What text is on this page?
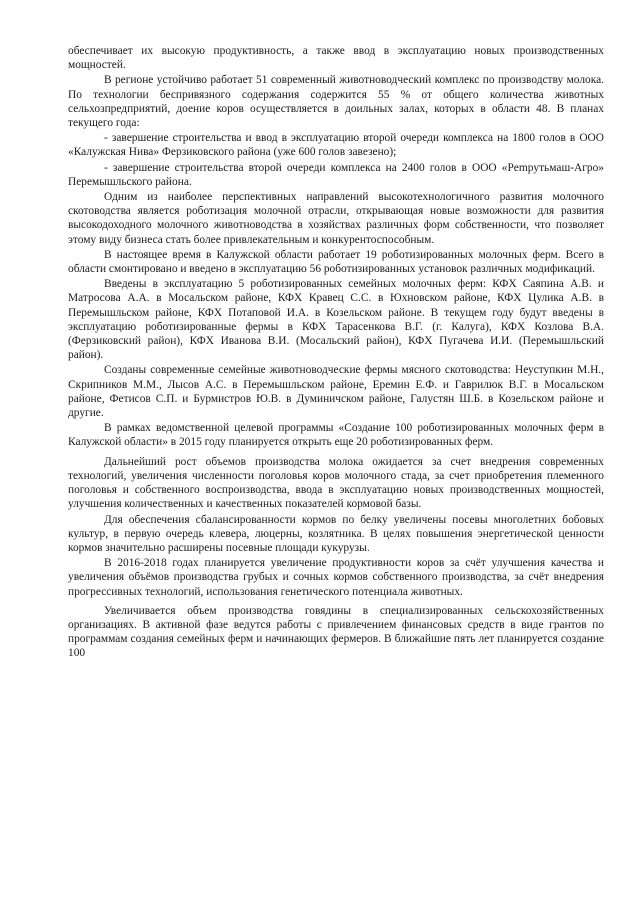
обеспечивает их высокую продуктивность, а также ввод в эксплуатацию новых производственных мощностей.

В регионе устойчиво работает 51 современный животноводческий комплекс по производству молока. По технологии беспривязного содержания содержится 55 % от общего количества животных сельхозпредприятий, доение коров осуществляется в доильных залах, которых в области 48. В планах текущего года:

- завершение строительства и ввод в эксплуатацию второй очереди комплекса на 1800 голов в ООО «Калужская Нива» Ферзиковского района (уже 600 голов завезено);

- завершение строительства второй очереди комплекса на 2400 голов в ООО «Рempутьмаш-Агро» Перемышльского района.

Одним из наиболее перспективных направлений высокотехнологичного развития молочного скотоводства является роботизация молочной отрасли, открывающая новые возможности для развития высокодоходного молочного животноводства в хозяйствах различных форм собственности, что позволяет этому виду бизнеса стать более привлекательным и конкурентоспособным.

В настоящее время в Калужской области работает 19 роботизированных молочных ферм. Всего в области смонтировано и введено в эксплуатацию 56 роботизированных установок различных модификаций.

Введены в эксплуатацию 5 роботизированных семейных молочных ферм: КФХ Саяпина А.В. и Матросова А.А. в Мосальском районе, КФХ Кравец С.С. в Юхновском районе, КФХ Цулика А.В. в Перемышльском районе, КФХ Потаповой И.А. в Козельском районе. В текущем году будут введены в эксплуатацию роботизированные фермы в КФХ Тарасенкова В.Г. (г. Калуга), КФХ Козлова В.А. (Ферзиковский район), КФХ Иванова В.И. (Мосальский район), КФХ Пугачева И.И. (Перемышльский район).

Созданы современные семейные животноводческие фермы мясного скотоводства: Неуступкин М.Н., Скрипников М.М., Лысов А.С. в Перемышльском районе, Еремин Е.Ф. и Гаврилюк В.Г. в Мосальском районе, Фетисов С.П. и Бурмистров Ю.В. в Думиничском районе, Галустян Ш.Б. в Козельском районе и другие.

В рамках ведомственной целевой программы «Создание 100 роботизированных молочных ферм в Калужской области» в 2015 году планируется открыть еще 20 роботизированных ферм.

Дальнейший рост объемов производства молока ожидается за счет внедрения современных технологий, увеличения численности поголовья коров молочного стада, за счет приобретения племенного поголовья и собственного воспроизводства, ввода в эксплуатацию новых производственных мощностей, улучшения количественных и качественных показателей кормовой базы.

Для обеспечения сбалансированности кормов по белку увеличены посевы многолетних бобовых культур, в первую очередь клевера, люцерны, козлятника. В целях повышения энергетической ценности кормов значительно расширены посевные площади кукурузы.

В 2016-2018 годах планируется увеличение продуктивности коров за счёт улучшения качества и увеличения объёмов производства грубых и сочных кормов собственного производства, за счёт внедрения прогрессивных технологий, использования генетического потенциала животных.

Увеличивается объем производства говядины в специализированных сельскохозяйственных организациях. В активной фазе ведутся работы с привлечением финансовых средств в виде грантов по программам создания семейных ферм и начинающих фермеров. В ближайшие пять лет планируется создание 100
